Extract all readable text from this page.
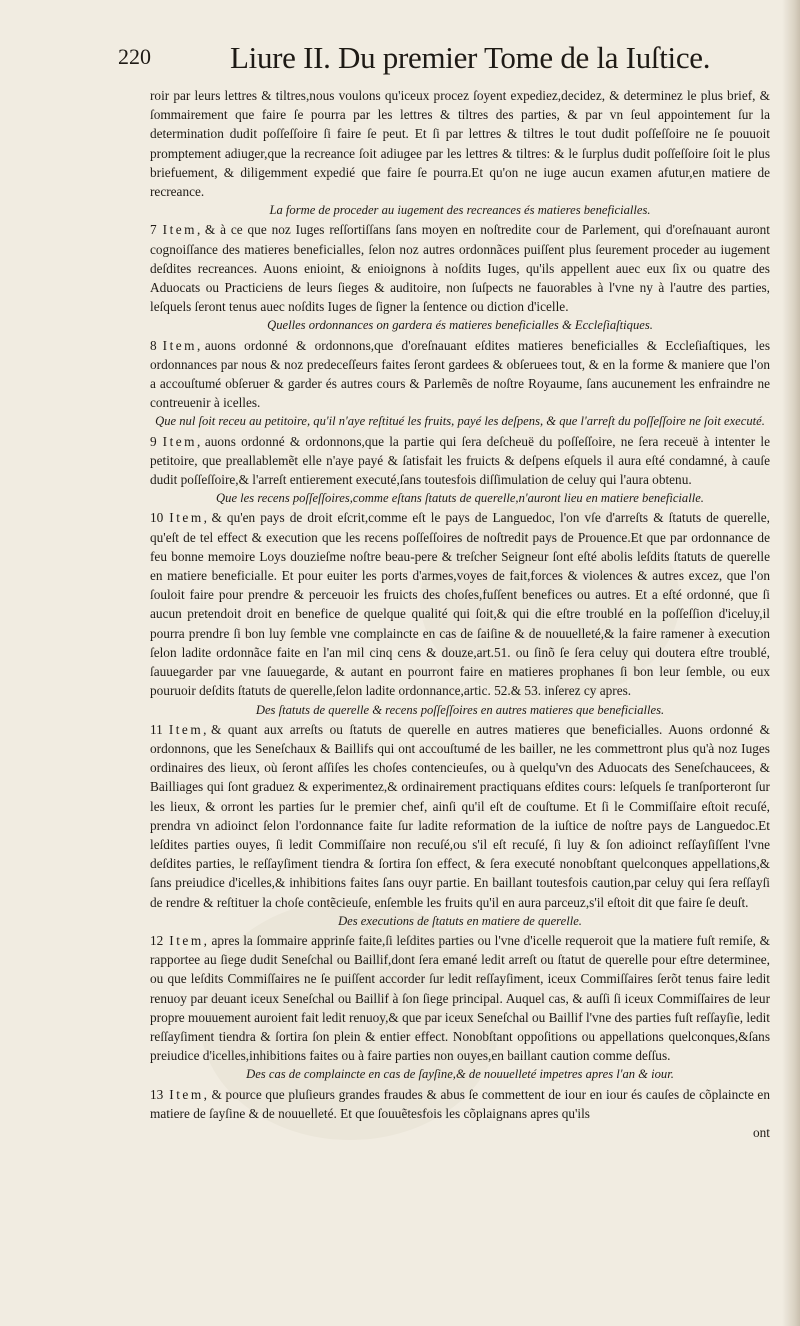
220	Liure II. Du premier Tome de la Iuſtice.

roir par leurs lettres & tiltres,nous voulons qu'iceux procez ſoyent expediez,decidez, & determinez le plus brief, & ſommairement que faire ſe pourra par les lettres & tiltres des parties, & par vn ſeul appointement ſur la determination dudit poſſeſſoire ſi faire ſe peut. Et ſi par lettres & tiltres le tout dudit poſſeſſoire ne ſe pouuoit promptement adiuger,que la recreance ſoit adiugee par les lettres & tiltres: & le ſurplus dudit poſſeſſoire ſoit le plus briefuement, & diligemment expedié que faire ſe pourra.Et qu'on ne iuge aucun examen afutur,en matiere de recreance.

La forme de proceder au iugement des recreances és matieres beneficialles.

7 Item, & à ce que noz Iuges reſſortiſſans ſans moyen en noſtredite cour de Parlement, qui d'oreſnauant auront cognoiſſance des matieres beneficialles, ſelon noz autres ordonnãces puiſſent plus ſeurement proceder au iugement deſdites recreances. Auons enioint, & enioignons à noſdits Iuges, qu'ils appellent auec eux ſix ou quatre des Aduocats ou Practiciens de leurs ſieges & auditoire, non ſuſpects ne fauorables à l'vne ny à l'autre des parties, leſquels ſeront tenus auec noſdits Iuges de ſigner la ſentence ou diction d'icelle.

Quelles ordonnances on gardera és matieres beneficialles & Eccleſiaſtiques.

8 Item, auons ordonné & ordonnons,que d'oreſnauant eſdites matieres beneficialles & Eccleſiaſtiques, les ordonnances par nous & noz predeceſſeurs faites ſeront gardees & obſeruees tout, & en la forme & maniere que l'on a accouſtumé obſeruer & garder és autres cours & Parlemẽs de noſtre Royaume, ſans aucunement les enfraindre ne contreuenir à icelles.

Que nul ſoit receu au petitoire, qu'il n'aye reſtitué les fruits, payé les deſpens, & que l'arreſt du poſſeſſoire ne ſoit executé.

9 Item, auons ordonné & ordonnons,que la partie qui ſera deſcheuë du poſſeſſoire, ne ſera receuë à intenter le petitoire, que preallablemẽt elle n'aye payé & ſatisfait les fruicts & deſpens eſquels il aura eſté condamné, à cauſe dudit poſſeſſoire,& l'arreſt entierement executé,ſans toutesfois diſſimulation de celuy qui l'aura obtenu.

Que les recens poſſeſſoires,comme eſtans ſtatuts de querelle,n'auront lieu en matiere beneficialle.

10 Item, & qu'en pays de droit eſcrit,comme eſt le pays de Languedoc, l'on vſe d'arreſts & ſtatuts de querelle, qu'eſt de tel effect & execution que les recens poſſeſſoires de noſtredit pays de Prouence.Et que par ordonnance de feu bonne memoire Loys douzieſme noſtre beau-pere & treſcher Seigneur ſont eſté abolis leſdits ſtatuts de querelle en matiere beneficialle. Et pour euiter les ports d'armes,voyes de fait,forces & violences & autres excez, que l'on ſouloit faire pour prendre & perceuoir les fruicts des choſes,fuſſent benefices ou autres. Et a eſté ordonné, que ſi aucun pretendoit droit en benefice de quelque qualité qui ſoit,& qui die eſtre troublé en la poſſeſſion d'iceluy,il pourra prendre ſi bon luy ſemble vne complaincte en cas de ſaiſine & de nouuelleté,& la faire ramener à execution ſelon ladite ordonnãce faite en l'an mil cinq cens & douze,art.51. ou ſinõ ſe ſera celuy qui doutera eſtre troublé, ſauuegarder par vne ſauuegarde, & autant en pourront faire en matieres prophanes ſi bon leur ſemble, ou eux pouruoir deſdits ſtatuts de querelle,ſelon ladite ordonnance,artic. 52.& 53. inſerez cy apres.

Des ſtatuts de querelle & recens poſſeſſoires en autres matieres que beneficialles.

11 Item, & quant aux arreſts ou ſtatuts de querelle en autres matieres que beneficialles. Auons ordonné & ordonnons, que les Seneſchaux & Baillifs qui ont accouſtumé de les bailler, ne les commettront plus qu'à noz Iuges ordinaires des lieux, où ſeront aſſiſes les choſes contencieuſes, ou à quelqu'vn des Aduocats des Seneſchaucees, & Bailliages qui ſont graduez & experimentez,& ordinairement practiquans eſdites cours: leſquels ſe tranſporteront ſur les lieux, & orront les parties ſur le premier chef, ainſi qu'il eſt de couſtume. Et ſi le Commiſſaire eſtoit recuſé, prendra vn adioinct ſelon l'ordonnance faite ſur ladite reformation de la iuſtice de noſtre pays de Languedoc.Et leſdites parties ouyes, ſi ledit Commiſſaire non recuſé,ou s'il eſt recuſé, ſi luy & ſon adioinct reſſayſiſſent l'vne deſdites parties, le reſſayſiment tiendra & ſortira ſon effect, & ſera executé nonobſtant quelconques appellations,& ſans preiudice d'icelles,& inhibitions faites ſans ouyr partie. En baillant toutesfois caution,par celuy qui ſera reſſayſi de rendre & reſtituer la choſe contẽcieuſe, enſemble les fruits qu'il en aura parceuz,s'il eſtoit dit que faire ſe deuſt.

Des executions de ſtatuts en matiere de querelle.

12 Item, apres la ſommaire apprinſe faite,ſi leſdites parties ou l'vne d'icelle requeroit que la matiere fuſt remiſe, & rapportee au ſiege dudit Seneſchal ou Baillif,dont ſera emané ledit arreſt ou ſtatut de querelle pour eſtre determinee, ou que leſdits Commiſſaires ne ſe puiſſent accorder ſur ledit reſſayſiment, iceux Commiſſaires ſerõt tenus faire ledit renuoy par deuant iceux Seneſchal ou Baillif à ſon ſiege principal. Auquel cas, & auſſi ſi iceux Commiſſaires de leur propre mouuement auroient fait ledit renuoy,& que par iceux Seneſchal ou Baillif l'vne des parties fuſt reſſayſie, ledit reſſayſiment tiendra & ſortira ſon plein & entier effect. Nonobſtant oppoſitions ou appellations quelconques,&ſans preiudice d'icelles,inhibitions faites ou à faire parties non ouyes,en baillant caution comme deſſus.

Des cas de complaincte en cas de ſayſine,& de nouuelleté impetres apres l'an & iour.

13 Item, & pource que pluſieurs grandes fraudes & abus ſe commettent de iour en iour és cauſes de cõplaincte en matiere de ſayſine & de nouuelleté. Et que ſouuẽtesfois les cõplaignans apres qu'ils

ont
